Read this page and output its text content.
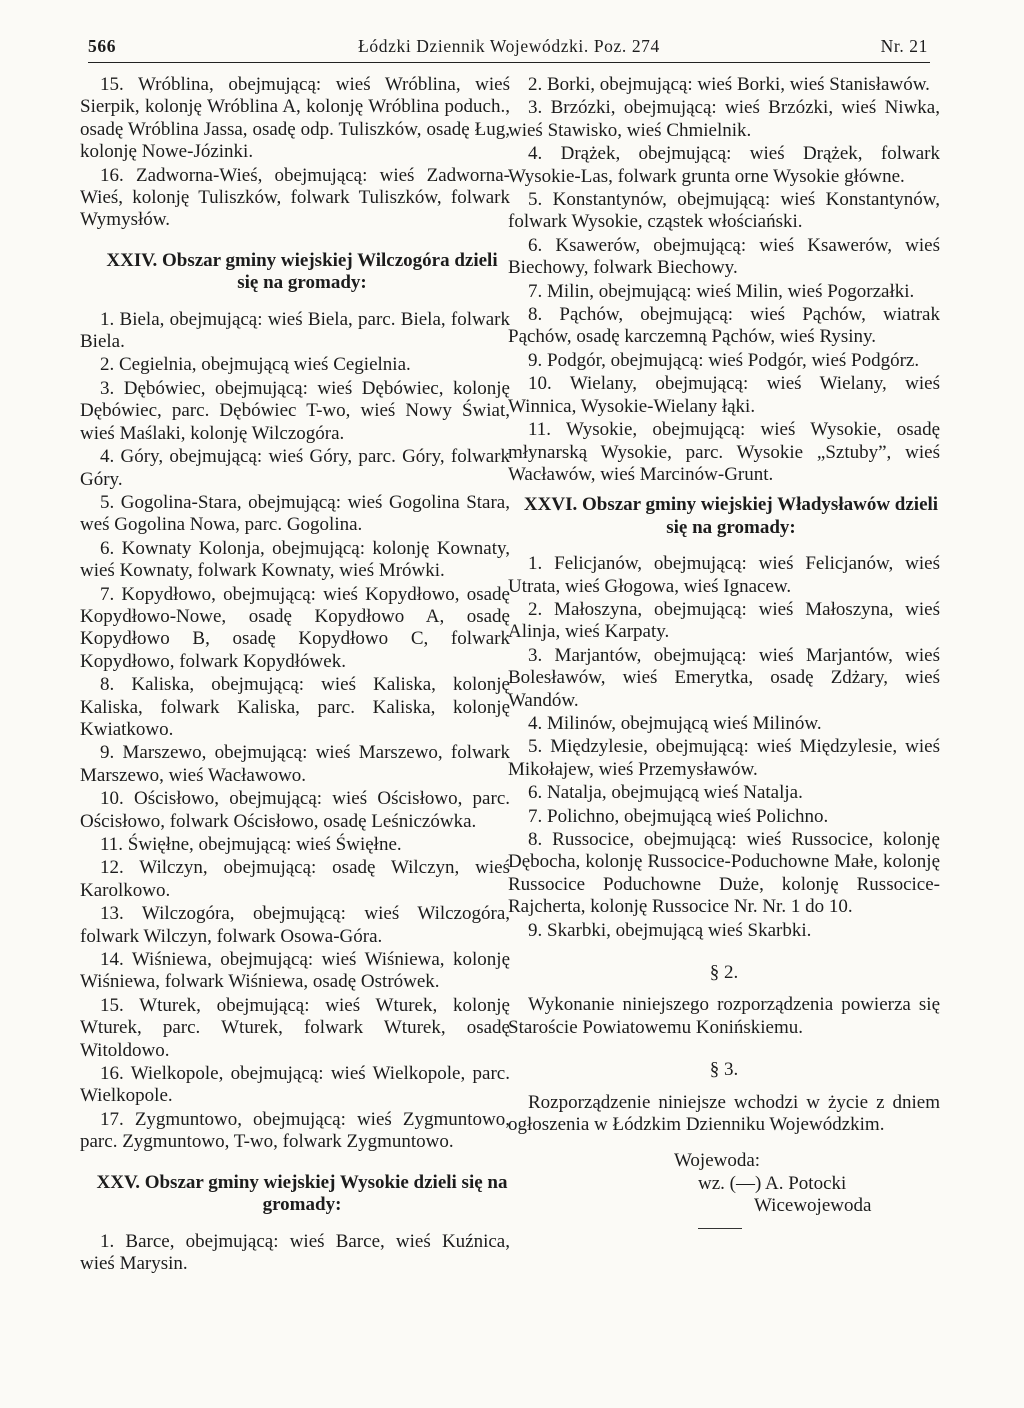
566	Łódzki Dziennik Wojewódzki. Poz. 274	Nr. 21

15. Wróblina, obejmującą: wieś Wróblina, wieś Sierpik, kolonję Wróblina A, kolonję Wróblina poduch., osadę Wróblina Jassa, osadę odp. Tuliszków, osadę Ług, kolonję Nowe-Józinki.

16. Zadworna-Wieś, obejmującą: wieś Zadworna-Wieś, kolonję Tuliszków, folwark Tuliszków, folwark Wymysłów.

XXIV. Obszar gminy wiejskiej Wilczogóra dzieli się na gromady:

1. Biela, obejmującą: wieś Biela, parc. Biela, folwark Biela.

2. Cegielnia, obejmującą wieś Cegielnia.

3. Dębówiec, obejmującą: wieś Dębówiec, kolonję Dębówiec, parc. Dębówiec T-wo, wieś Nowy Świat, wieś Maślaki, kolonję Wilczogóra.

4. Góry, obejmującą: wieś Góry, parc. Góry, folwark Góry.

5. Gogolina-Stara, obejmującą: wieś Gogolina Stara, weś Gogolina Nowa, parc. Gogolina.

6. Kownaty Kolonja, obejmującą: kolonję Kownaty, wieś Kownaty, folwark Kownaty, wieś Mrówki.

7. Kopydłowo, obejmującą: wieś Kopydłowo, osadę Kopydłowo-Nowe, osadę Kopydłowo A, osadę Kopydłowo B, osadę Kopydłowo C, folwark Kopydłowo, folwark Kopydłówek.

8. Kaliska, obejmującą: wieś Kaliska, kolonję Kaliska, folwark Kaliska, parc. Kaliska, kolonję Kwiatkowo.

9. Marszewo, obejmującą: wieś Marszewo, folwark Marszewo, wieś Wacławowo.

10. Ościsłowo, obejmującą: wieś Ościsłowo, parc. Ościsłowo, folwark Ościsłowo, osadę Leśniczówka.

11. Święłne, obejmującą: wieś Święłne.

12. Wilczyn, obejmującą: osadę Wilczyn, wieś Karolkowo.

13. Wilczogóra, obejmującą: wieś Wilczogóra, folwark Wilczyn, folwark Osowa-Góra.

14. Wiśniewa, obejmującą: wieś Wiśniewa, kolonję Wiśniewa, folwark Wiśniewa, osadę Ostrówek.

15. Wturek, obejmującą: wieś Wturek, kolonję Wturek, parc. Wturek, folwark Wturek, osadę Witoldowo.

16. Wielkopole, obejmującą: wieś Wielkopole, parc. Wielkopole.

17. Zygmuntowo, obejmującą: wieś Zygmuntowo, parc. Zygmuntowo, T-wo, folwark Zygmuntowo.

XXV. Obszar gminy wiejskiej Wysokie dzieli się na gromady:

1. Barce, obejmującą: wieś Barce, wieś Kuźnica, wieś Marysin.

2. Borki, obejmującą: wieś Borki, wieś Stanisławów.

3. Brzózki, obejmującą: wieś Brzózki, wieś Niwka, wieś Stawisko, wieś Chmielnik.

4. Drążek, obejmującą: wieś Drążek, folwark Wysokie-Las, folwark grunta orne Wysokie główne.

5. Konstantynów, obejmującą: wieś Konstantynów, folwark Wysokie, cząstek włościański.

6. Ksawerów, obejmującą: wieś Ksawerów, wieś Biechowy, folwark Biechowy.

7. Milin, obejmującą: wieś Milin, wieś Pogorzałki.

8. Pąchów, obejmującą: wieś Pąchów, wiatrak Pąchów, osadę karczemną Pąchów, wieś Rysiny.

9. Podgór, obejmującą: wieś Podgór, wieś Podgórz.

10. Wielany, obejmującą: wieś Wielany, wieś Winnica, Wysokie-Wielany łąki.

11. Wysokie, obejmującą: wieś Wysokie, osadę młynarską Wysokie, parc. Wysokie „Sztuby”, wieś Wacławów, wieś Marcinów-Grunt.

XXVI. Obszar gminy wiejskiej Władysławów dzieli się na gromady:

1. Felicjanów, obejmującą: wieś Felicjanów, wieś Utrata, wieś Głogowa, wieś Ignacew.

2. Małoszyna, obejmującą: wieś Małoszyna, wieś Alinja, wieś Karpaty.

3. Marjantów, obejmującą: wieś Marjantów, wieś Bolesławów, wieś Emerytka, osadę Zdżary, wieś Wandów.

4. Milinów, obejmującą wieś Milinów.

5. Międzylesie, obejmującą: wieś Międzylesie, wieś Mikołajew, wieś Przemysławów.

6. Natalja, obejmującą wieś Natalja.

7. Polichno, obejmującą wieś Polichno.

8. Russocice, obejmującą: wieś Russocice, kolonję Dębocha, kolonję Russocice-Poduchowne Małe, kolonję Russocice Poduchowne Duże, kolonję Russocice-Rajcherta, kolonję Russocice Nr. Nr. 1 do 10.

9. Skarbki, obejmującą wieś Skarbki.

§ 2.

Wykonanie niniejszego rozporządzenia powierza się Staroście Powiatowemu Konińskiemu.

§ 3.

Rozporządzenie niniejsze wchodzi w życie z dniem ogłoszenia w Łódzkim Dzienniku Wojewódzkim.

Wojewoda:
wz. (—) A. Potocki
Wicewojewoda
